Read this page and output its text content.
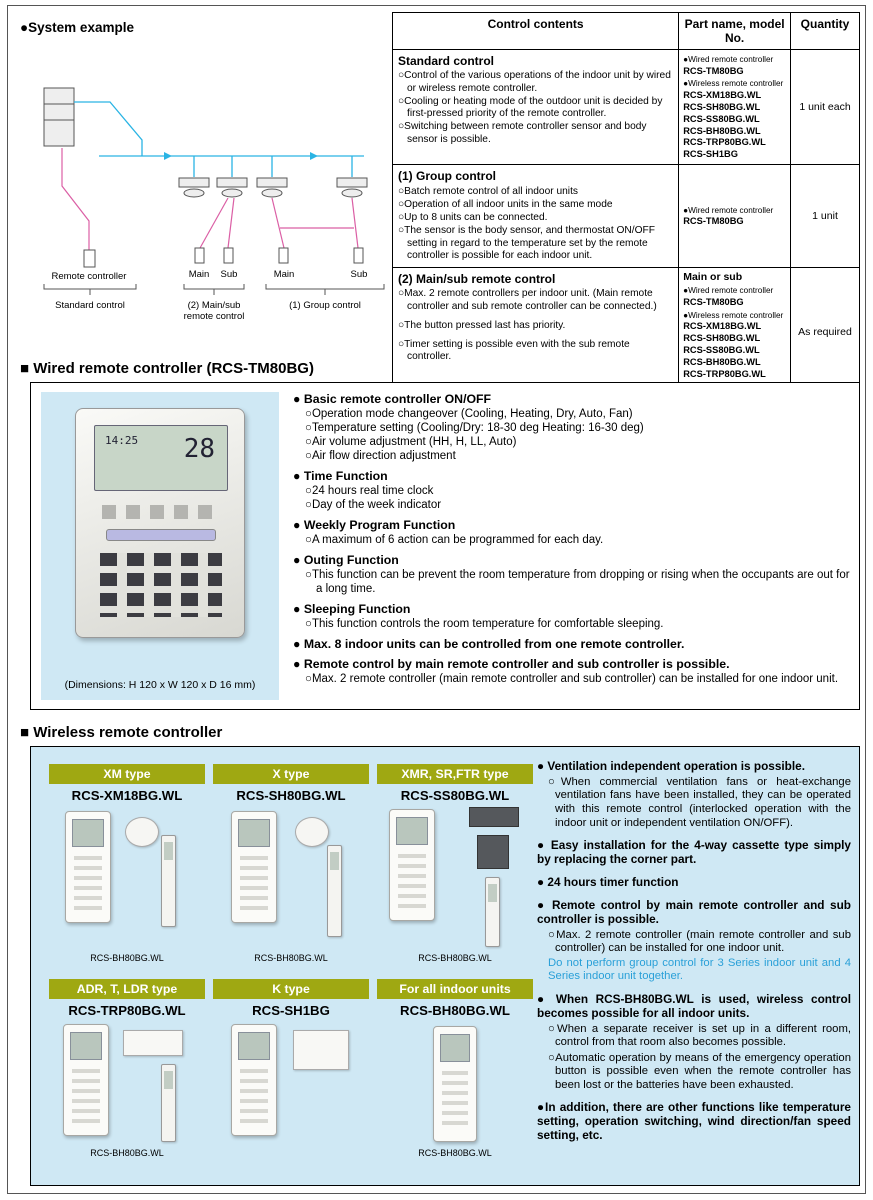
●System example
Remote controller	Main Sub	Main	Sub
Standard control	(2) Main/sub
remote control
(1) Group control
Control contents	Part name, model No.	Quantity

Standard control
○Control of the various operations of the indoor unit by wired or wireless remote controller.
○Cooling or heating mode of the outdoor unit is decided by first-pressed priority of the remote controller.
○Switching between remote controller sensor and body sensor is possible.

●Wired remote controller
RCS-TM80BG
●Wireless remote controller
RCS-XM18BG.WL
RCS-SH80BG.WL
RCS-SS80BG.WL
RCS-BH80BG.WL
RCS-TRP80BG.WL
RCS-SH1BG
	1 unit each

(1) Group control
○Batch remote control of all indoor units
○Operation of all indoor units in the same mode
○Up to 8 units can be connected.
○The sensor is the body sensor, and thermostat ON/OFF setting in regard to the temperature set by the remote controller is possible for each indoor unit.

●Wired remote controller
RCS-TM80BG	1 unit

(2) Main/sub remote control
○Max. 2 remote controllers per indoor unit. (Main remote controller and sub remote controller can be connected.)
○The button pressed last has priority.
○Timer setting is possible even with the sub remote controller.

Main or sub
●Wired remote controller
RCS-TM80BG
●Wireless remote controller
RCS-XM18BG.WL
RCS-SH80BG.WL
RCS-SS80BG.WL
RCS-BH80BG.WL
RCS-TRP80BG.WL
	As required
■ Wired remote controller (RCS-TM80BG)
14:25 28
(Dimensions: H 120 x W 120 x D 16 mm)
● Basic remote controller ON/OFF
○Operation mode changeover (Cooling, Heating, Dry, Auto, Fan)
○Temperature setting (Cooling/Dry: 18-30 deg Heating: 16-30 deg)
○Air volume adjustment (HH, H, LL, Auto)
○Air flow direction adjustment
● Time Function
○24 hours real time clock
○Day of the week indicator
● Weekly Program Function
○A maximum of 6 action can be programmed for each day.
● Outing Function
○This function can be prevent the room temperature from dropping or rising when the occupants are out for a long time.
● Sleeping Function
○This function controls the room temperature for comfortable sleeping.
● Max. 8 indoor units can be controlled from one remote controller.
● Remote control by main remote controller and sub controller is possible.
○Max. 2 remote controller (main remote controller and sub controller) can be installed for one indoor unit.
■ Wireless remote controller
XM type
RCS-XM18BG.WL
RCS-BH80BG.WL
X type
RCS-SH80BG.WL
RCS-BH80BG.WL
XMR, SR,FTR type
RCS-SS80BG.WL
RCS-BH80BG.WL
ADR, T, LDR type
RCS-TRP80BG.WL
RCS-BH80BG.WL
K type
RCS-SH1BG
For all indoor units
RCS-BH80BG.WL
RCS-BH80BG.WL
● Ventilation independent operation is possible.
○When commercial ventilation fans or heat-exchange ventilation fans have been installed, they can be operated with this remote control (interlocked operation with the indoor unit or independent ventilation ON/OFF).
● Easy installation for the 4-way cassette type simply by replacing the corner part.
● 24 hours timer function
● Remote control by main remote controller and sub controller is possible.
○Max. 2 remote controller (main remote controller and sub controller) can be installed for one indoor unit.
Do not perform group control for 3 Series indoor unit and 4 Series indoor unit together.
● When RCS-BH80BG.WL is used, wireless control becomes possible for all indoor units.
○When a separate receiver is set up in a different room, control from that room also becomes possible.
○Automatic operation by means of the emergency operation button is possible even when the remote controller has been lost or the batteries have been exhausted.
●In addition, there are other functions like temperature setting, operation switching, wind direction/fan speed setting, etc.
